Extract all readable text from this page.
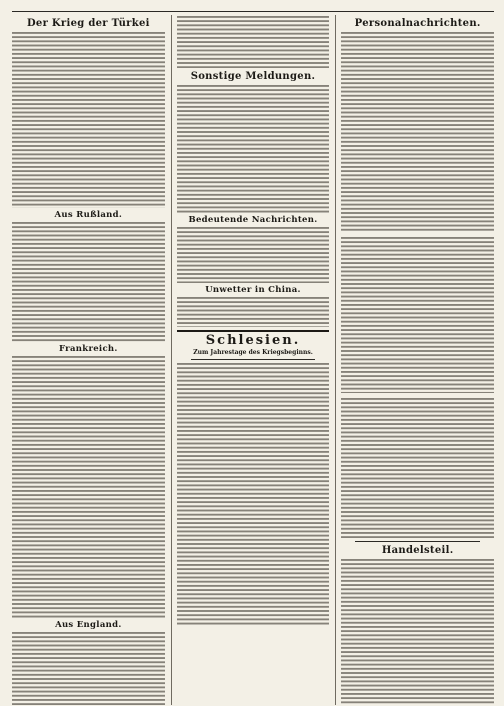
Der Krieg der Türkei
Aus Rußland.
Frankreich.
Aus England.
Sonstige Meldungen.
Bedeutende Nachrichten.
Unwetter in China.
Schlesien.
Zum Jahrestage des Kriegsbeginns.
Personalnachrichten.
Handelsteil.
